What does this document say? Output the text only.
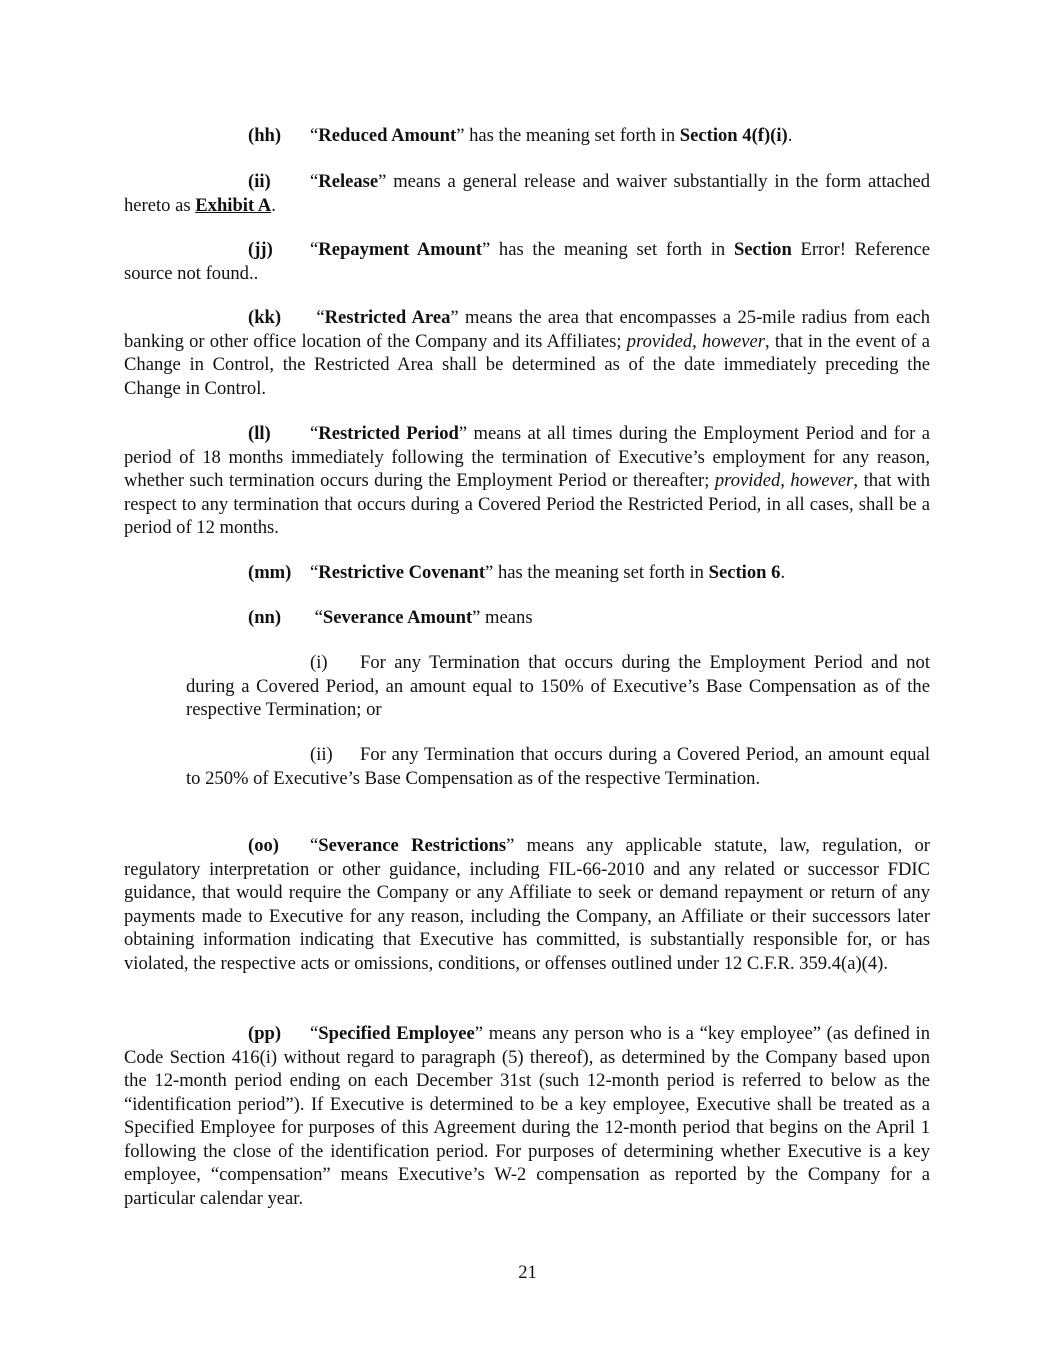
(hh) “Reduced Amount” has the meaning set forth in Section 4(f)(i).

(ii) “Release” means a general release and waiver substantially in the form attached hereto as Exhibit A.

(jj) “Repayment Amount” has the meaning set forth in Section Error! Reference source not found..

(kk) “Restricted Area” means the area that encompasses a 25-mile radius from each banking or other office location of the Company and its Affiliates; provided, however, that in the event of a Change in Control, the Restricted Area shall be determined as of the date immediately preceding the Change in Control.

(ll) “Restricted Period” means at all times during the Employment Period and for a period of 18 months immediately following the termination of Executive’s employment for any reason, whether such termination occurs during the Employment Period or thereafter; provided, however, that with respect to any termination that occurs during a Covered Period the Restricted Period, in all cases, shall be a period of 12 months.

(mm) “Restrictive Covenant” has the meaning set forth in Section 6.

(nn) “Severance Amount” means

(i) For any Termination that occurs during the Employment Period and not during a Covered Period, an amount equal to 150% of Executive’s Base Compensation as of the respective Termination; or

(ii) For any Termination that occurs during a Covered Period, an amount equal to 250% of Executive’s Base Compensation as of the respective Termination.

(oo) “Severance Restrictions” means any applicable statute, law, regulation, or regulatory interpretation or other guidance, including FIL-66-2010 and any related or successor FDIC guidance, that would require the Company or any Affiliate to seek or demand repayment or return of any payments made to Executive for any reason, including the Company, an Affiliate or their successors later obtaining information indicating that Executive has committed, is substantially responsible for, or has violated, the respective acts or omissions, conditions, or offenses outlined under 12 C.F.R. 359.4(a)(4).

(pp) “Specified Employee” means any person who is a “key employee” (as defined in Code Section 416(i) without regard to paragraph (5) thereof), as determined by the Company based upon the 12-month period ending on each December 31st (such 12-month period is referred to below as the “identification period”). If Executive is determined to be a key employee, Executive shall be treated as a Specified Employee for purposes of this Agreement during the 12-month period that begins on the April 1 following the close of the identification period. For purposes of determining whether Executive is a key employee, “compensation” means Executive’s W-2 compensation as reported by the Company for a particular calendar year.

21
